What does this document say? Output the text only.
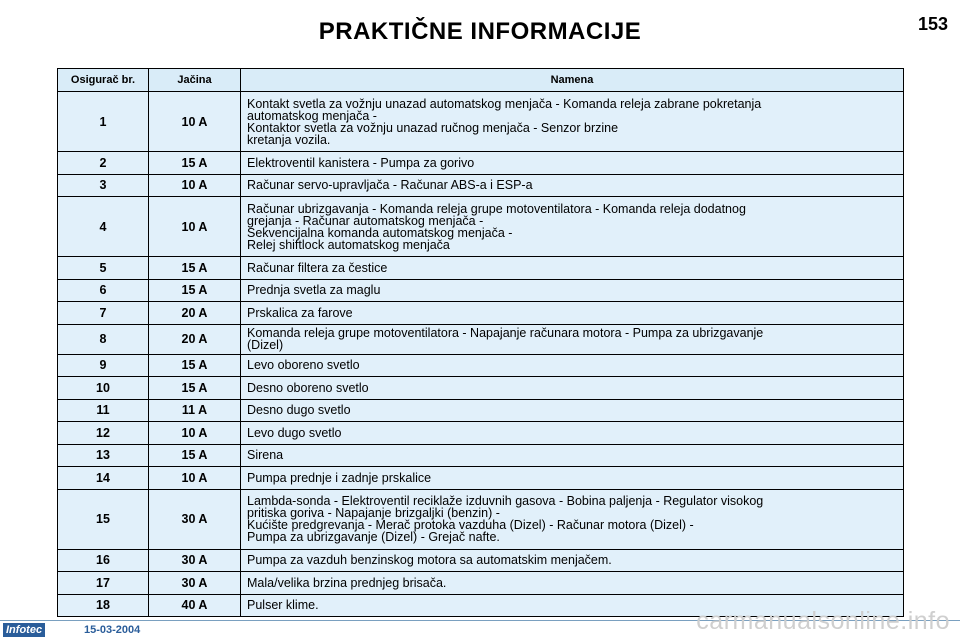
PRAKTIČNE INFORMACIJE	153
Osigurač br.	Jačina	Namena
1	10 A	Kontakt svetla za vožnju unazad automatskog menjača - Komanda releja zabrane pokretanja
automatskog menjača -
Kontaktor svetla za vožnju unazad ručnog menjača - Senzor brzine
kretanja vozila.
2	15 A	Elektroventil kanistera - Pumpa za gorivo
3	10 A	Računar servo-upravljača - Računar ABS-a i ESP-a
4	10 A	Računar ubrizgavanja - Komanda releja grupe motoventilatora - Komanda releja dodatnog
grejanja - Računar automatskog menjača -
Sekvencijalna komanda automatskog menjača -
Relej shiftlock automatskog menjača
5	15 A	Računar filtera za čestice
6	15 A	Prednja svetla za maglu
7	20 A	Prskalica za farove
8	20 A	Komanda releja grupe motoventilatora - Napajanje računara motora - Pumpa za ubrizgavanje
(Dizel)
9	15 A	Levo oboreno svetlo
10	15 A	Desno oboreno svetlo
11	11 A	Desno dugo svetlo
12	10 A	Levo dugo svetlo
13	15 A	Sirena
14	10 A	Pumpa prednje i zadnje prskalice
15	30 A	Lambda-sonda - Elektroventil reciklaže izduvnih gasova - Bobina paljenja - Regulator visokog
pritiska goriva - Napajanje brizgaljki (benzin) -
Kućište predgrevanja - Merač protoka vazduha (Dizel) - Računar motora (Dizel) -
Pumpa za ubrizgavanje (Dizel) - Grejač nafte.
16	30 A	Pumpa za vazduh benzinskog motora sa automatskim menjačem.
17	30 A	Mala/velika brzina prednjeg brisača.
18	40 A	Pulser klime.
Infotec	15-03-2004	carmanualsonline.info
